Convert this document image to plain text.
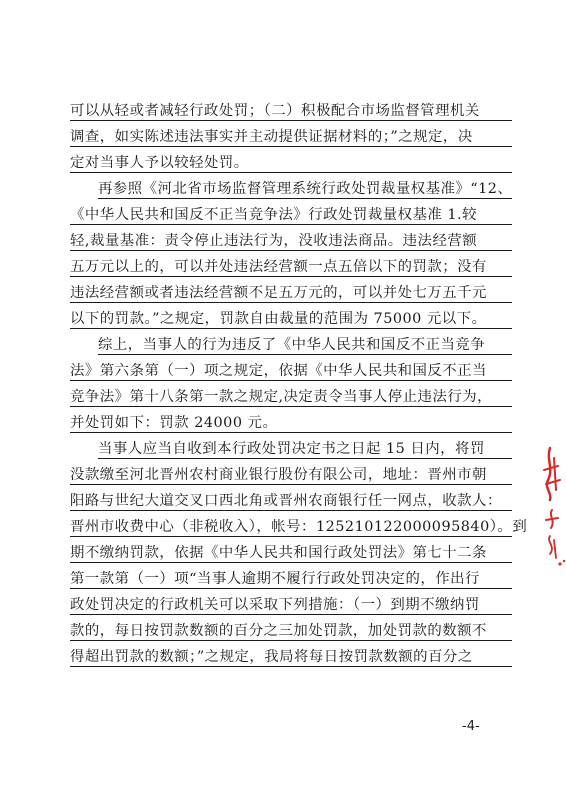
可以从轻或者减轻行政处罚；（二）积极配合市场监督管理机关
调查，如实陈述违法事实并主动提供证据材料的；”之规定，决
定对当事人予以较轻处罚。
再参照《河北省市场监督管理系统行政处罚裁量权基准》“12、
《中华人民共和国反不正当竞争法》行政处罚裁量权基准 1.较
轻,裁量基准：责令停止违法行为，没收违法商品。违法经营额
五万元以上的，可以并处违法经营额一点五倍以下的罚款；没有
违法经营额或者违法经营额不足五万元的，可以并处七万五千元
以下的罚款。”之规定，罚款自由裁量的范围为 75000 元以下。
综上，当事人的行为违反了《中华人民共和国反不正当竞争
法》第六条第（一）项之规定，依据《中华人民共和国反不正当
竞争法》第十八条第一款之规定,决定责令当事人停止违法行为，
并处罚如下：罚款 24000 元。
当事人应当自收到本行政处罚决定书之日起 15 日内，将罚
没款缴至河北晋州农村商业银行股份有限公司，地址：晋州市朝
阳路与世纪大道交叉口西北角或晋州农商银行任一网点，收款人：
晋州市收费中心（非税收入），帐号：125210122000095840）。到
期不缴纳罚款，依据《中华人民共和国行政处罚法》第七十二条
第一款第（一）项“当事人逾期不履行行政处罚决定的，作出行
政处罚决定的行政机关可以采取下列措施：（一）到期不缴纳罚
款的，每日按罚款数额的百分之三加处罚款，加处罚款的数额不
得超出罚款的数额；”之规定，我局将每日按罚款数额的百分之
-4-
